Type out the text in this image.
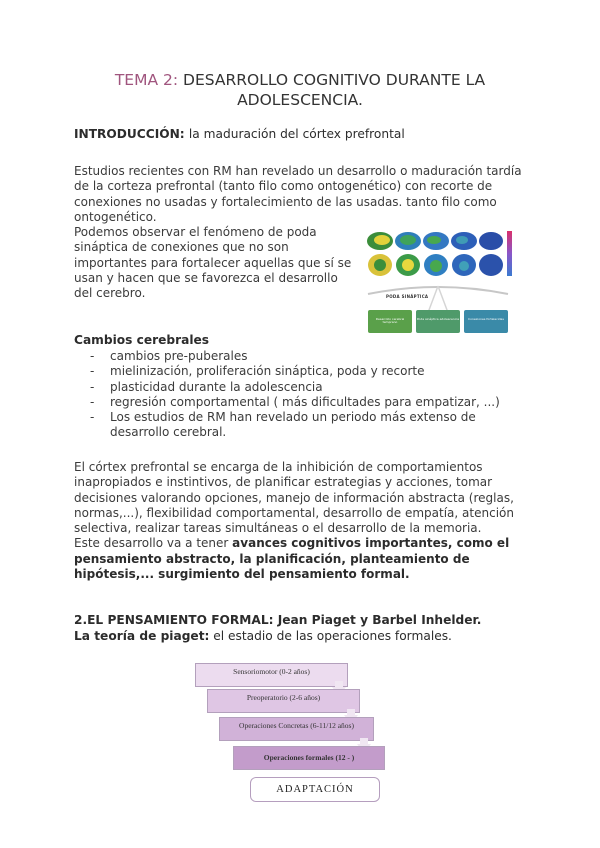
TEMA 2: DESARROLLO COGNITIVO DURANTE LA
ADOLESCENCIA.
INTRODUCCIÓN: la maduración del córtex prefrontal

Estudios recientes con RM han revelado un desarrollo o maduración tardía de la corteza prefrontal (tanto filo como ontogenético) con recorte de conexiones no usadas y fortalecimiento de las usadas. tanto filo como ontogenético.

Podemos observar el fenómeno de poda sináptica de conexiones que no son importantes para fortalecer aquellas que sí se usan y hacen que se favorezca el desarrollo del cerebro.	PODA SINÁPTICA
Desarrollo cerebral temprano
Poda sináptica adolescencia	Conexiones fortalecidas
Cambios cerebrales
- cambios pre-puberales
- mielinización, proliferación sináptica, poda y recorte
- plasticidad durante la adolescencia
- regresión comportamental ( más dificultades para empatizar, ...)
- Los estudios de RM han revelado un periodo más extenso de desarrollo cerebral.
El córtex prefrontal se encarga de la inhibición de comportamientos inapropiados e instintivos, de planificar estrategias y acciones, tomar decisiones valorando opciones, manejo de información abstracta (reglas, normas,...), flexibilidad comportamental, desarrollo de empatía, atención selectiva, realizar tareas simultáneas o el desarrollo de la memoria.
Este desarrollo va a tener avances cognitivos importantes, como el pensamiento abstracto, la planificación, planteamiento de hipótesis,... surgimiento del pensamiento formal.
2.EL PENSAMIENTO FORMAL: Jean Piaget y Barbel Inhelder.
La teoría de piaget: el estadio de las operaciones formales.
Sensoriomotor (0-2 años)
Preoperatorio (2-6 años)
Operaciones Concretas (6-11/12 años)
Operaciones formales (12 - )
ADAPTACIÓN
